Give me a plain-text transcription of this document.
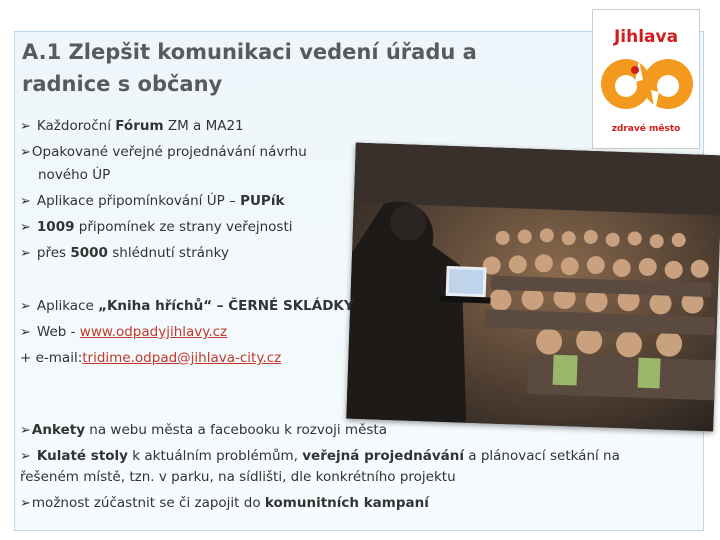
A.1 Zlepšit komunikaci vedení úřadu a
radnice s občany
Jihlava
zdravé město
➢ Každoroční Fórum ZM a MA21
➢Opakované veřejné projednávání návrhu
nového ÚP
➢ Aplikace připomínkování ÚP – PUPík
➢ 1009 připomínek ze strany veřejnosti
➢ přes 5000 shlédnutí stránky
➢ Aplikace „Kniha hříchů“ – ČERNÉ SKLÁDKY
➢ Web - www.odpadyjihlavy.cz
+ e-mail:tridime.odpad@jihlava-city.cz
➢Ankety na webu města a facebooku k rozvoji města
➢ Kulaté stoly k aktuálním problémům, veřejná projednávání a plánovací setkání na
řešeném místě, tzn. v parku, na sídlišti, dle konkrétního projektu
➢možnost zúčastnit se či zapojit do komunitních kampaní
